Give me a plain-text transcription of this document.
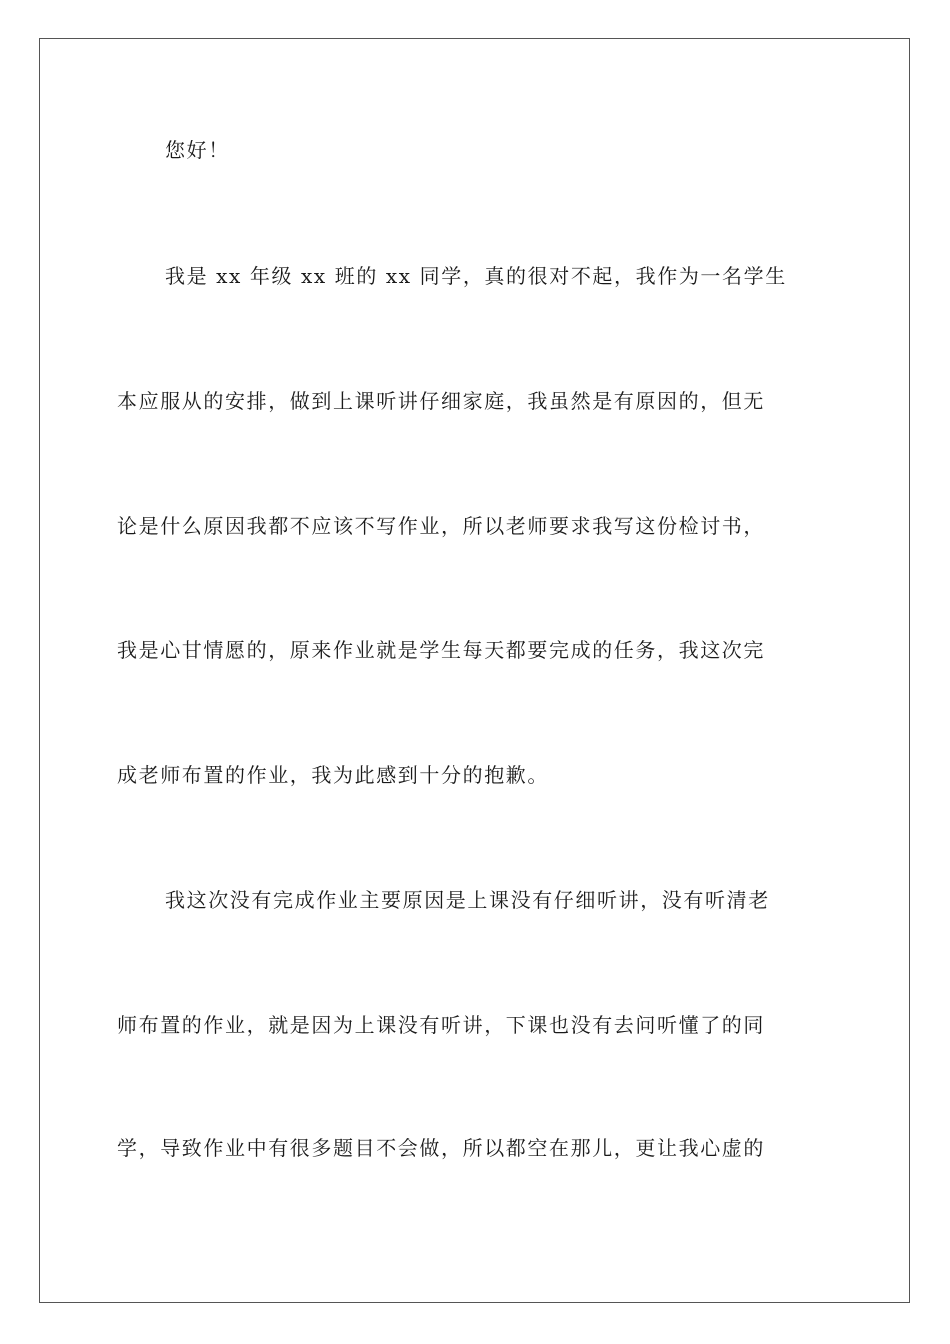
您好！
我是 xx 年级 xx 班的 xx 同学，真的很对不起，我作为一名学生
本应服从的安排，做到上课听讲仔细家庭，我虽然是有原因的，但无
论是什么原因我都不应该不写作业，所以老师要求我写这份检讨书，
我是心甘情愿的，原来作业就是学生每天都要完成的任务，我这次完
成老师布置的作业，我为此感到十分的抱歉。
我这次没有完成作业主要原因是上课没有仔细听讲，没有听清老
师布置的作业，就是因为上课没有听讲，下课也没有去问听懂了的同
学，导致作业中有很多题目不会做，所以都空在那儿，更让我心虚的
